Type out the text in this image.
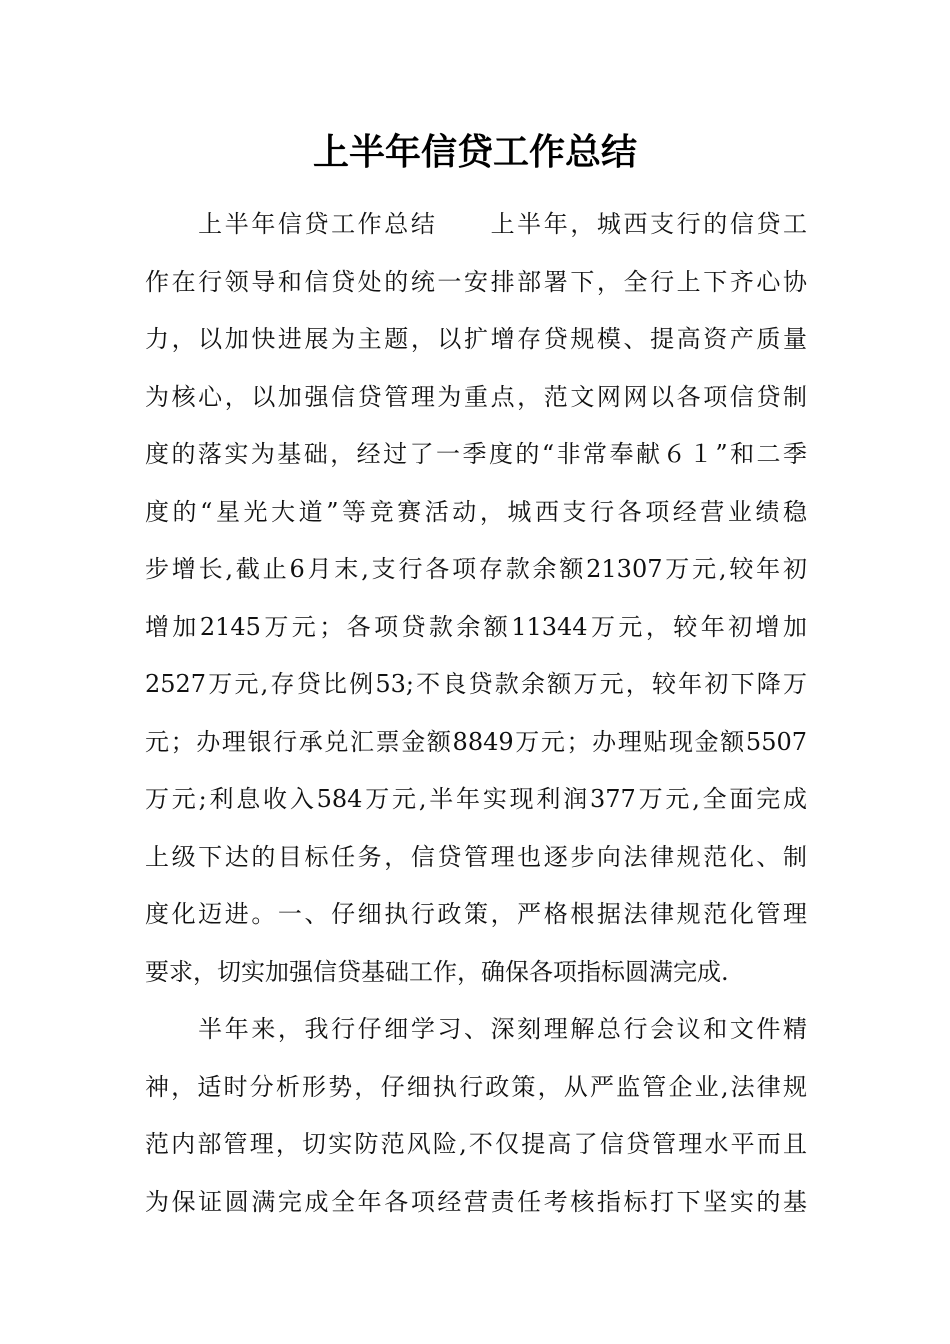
上半年信贷工作总结
　　上半年信贷工作总结　　上半年，城西支行的信贷工
作在行领导和信贷处的统一安排部署下，全行上下齐心协
力，以加快进展为主题，以扩增存贷规模、提高资产质量
为核心，以加强信贷管理为重点，范文网网以各项信贷制
度的落实为基础，经过了一季度的“非常奉献６１”和二季
度的“星光大道”等竞赛活动，城西支行各项经营业绩稳
步增长,截止6月末,支行各项存款余额21307万元,较年初
增加2145万元；各项贷款余额11344万元，较年初增加
2527万元,存贷比例53;不良贷款余额万元，较年初下降万
元；办理银行承兑汇票金额8849万元；办理贴现金额5507
万元;利息收入584万元,半年实现利润377万元,全面完成
上级下达的目标任务，信贷管理也逐步向法律规范化、制
度化迈进。一、仔细执行政策，严格根据法律规范化管理
要求，切实加强信贷基础工作，确保各项指标圆满完成.
　　半年来，我行仔细学习、深刻理解总行会议和文件精
神，适时分析形势，仔细执行政策，从严监管企业,法律规
范内部管理，切实防范风险,不仅提高了信贷管理水平而且
为保证圆满完成全年各项经营责任考核指标打下坚实的基
